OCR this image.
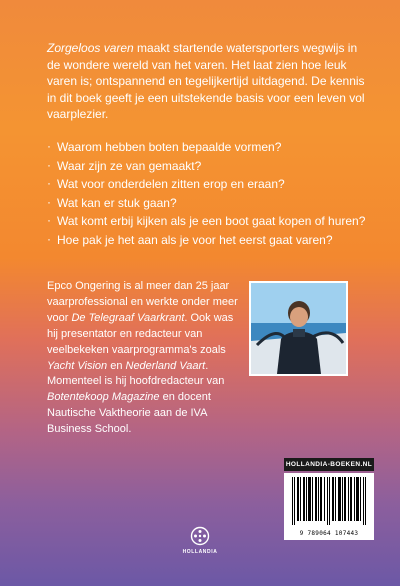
Zorgeloos varen maakt startende watersporters wegwijs in de wondere wereld van het varen. Het laat zien hoe leuk varen is; ontspannend en tegelijkertijd uitdagend. De kennis in dit boek geeft je een uitstekende basis voor een leven vol vaarplezier.

· Waarom hebben boten bepaalde vormen?
· Waar zijn ze van gemaakt?
· Wat voor onderdelen zitten erop en eraan?
· Wat kan er stuk gaan?
· Wat komt erbij kijken als je een boot gaat kopen of huren?
· Hoe pak je het aan als je voor het eerst gaat varen?

Epco Ongering is al meer dan 25 jaar vaarprofessional en werkte onder meer voor De Telegraaf Vaarkrant. Ook was hij presentator en redacteur van veelbekeken vaarprogramma's zoals Yacht Vision en Nederland Vaart. Momenteel is hij hoofdredacteur van Botentekoop Magazine en docent Nautische Vaktheorie aan de IVA Business School.

HOLLANDIA-BOEKEN.NL
9 789064 107443
HOLLANDIA
